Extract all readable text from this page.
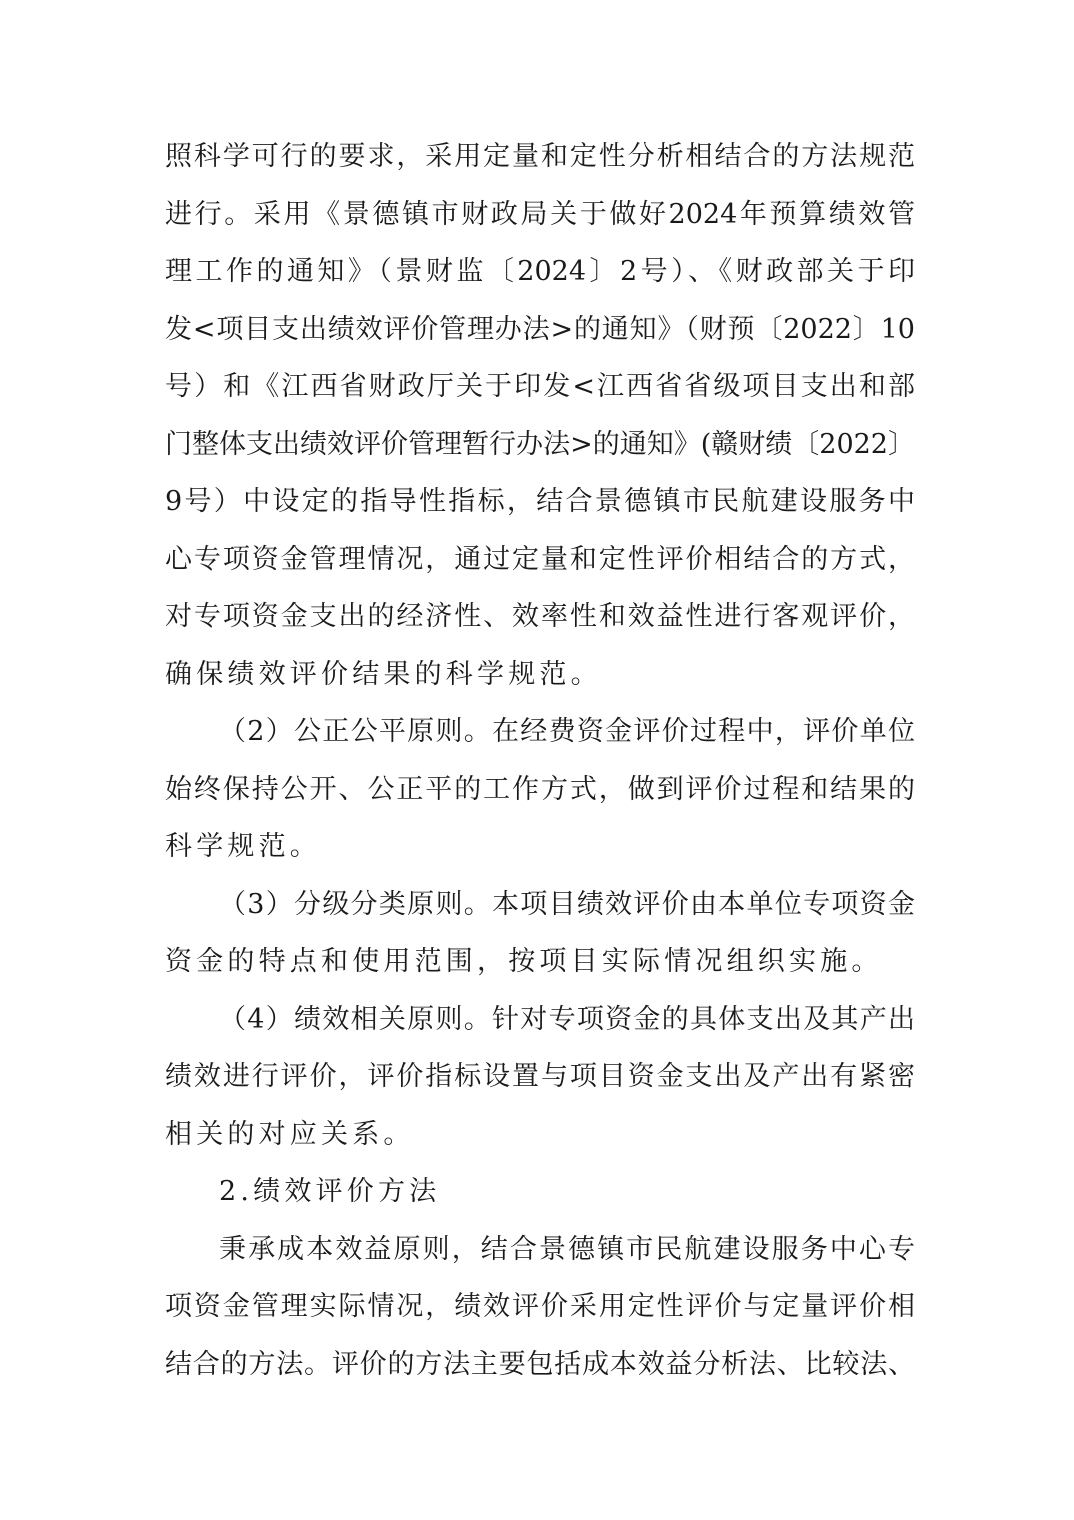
照科学可行的要求，采用定量和定性分析相结合的方法规范
进行。采用《景德镇市财政局关于做好2024年预算绩效管
理工作的通知》（景财监〔2024〕2号）、《财政部关于印
发<项目支出绩效评价管理办法>的通知》（财预〔2022〕10
号）和《江西省财政厅关于印发<江西省省级项目支出和部
门整体支出绩效评价管理暂行办法>的通知》(赣财绩〔2022〕
9号）中设定的指导性指标，结合景德镇市民航建设服务中
心专项资金管理情况，通过定量和定性评价相结合的方式，
对专项资金支出的经济性、效率性和效益性进行客观评价，
确保绩效评价结果的科学规范。
（2）公正公平原则。在经费资金评价过程中，评价单位
始终保持公开、公正平的工作方式，做到评价过程和结果的
科学规范。
（3）分级分类原则。本项目绩效评价由本单位专项资金
资金的特点和使用范围，按项目实际情况组织实施。
（4）绩效相关原则。针对专项资金的具体支出及其产出
绩效进行评价，评价指标设置与项目资金支出及产出有紧密
相关的对应关系。
2.绩效评价方法
秉承成本效益原则，结合景德镇市民航建设服务中心专
项资金管理实际情况，绩效评价采用定性评价与定量评价相
结合的方法。评价的方法主要包括成本效益分析法、比较法、
